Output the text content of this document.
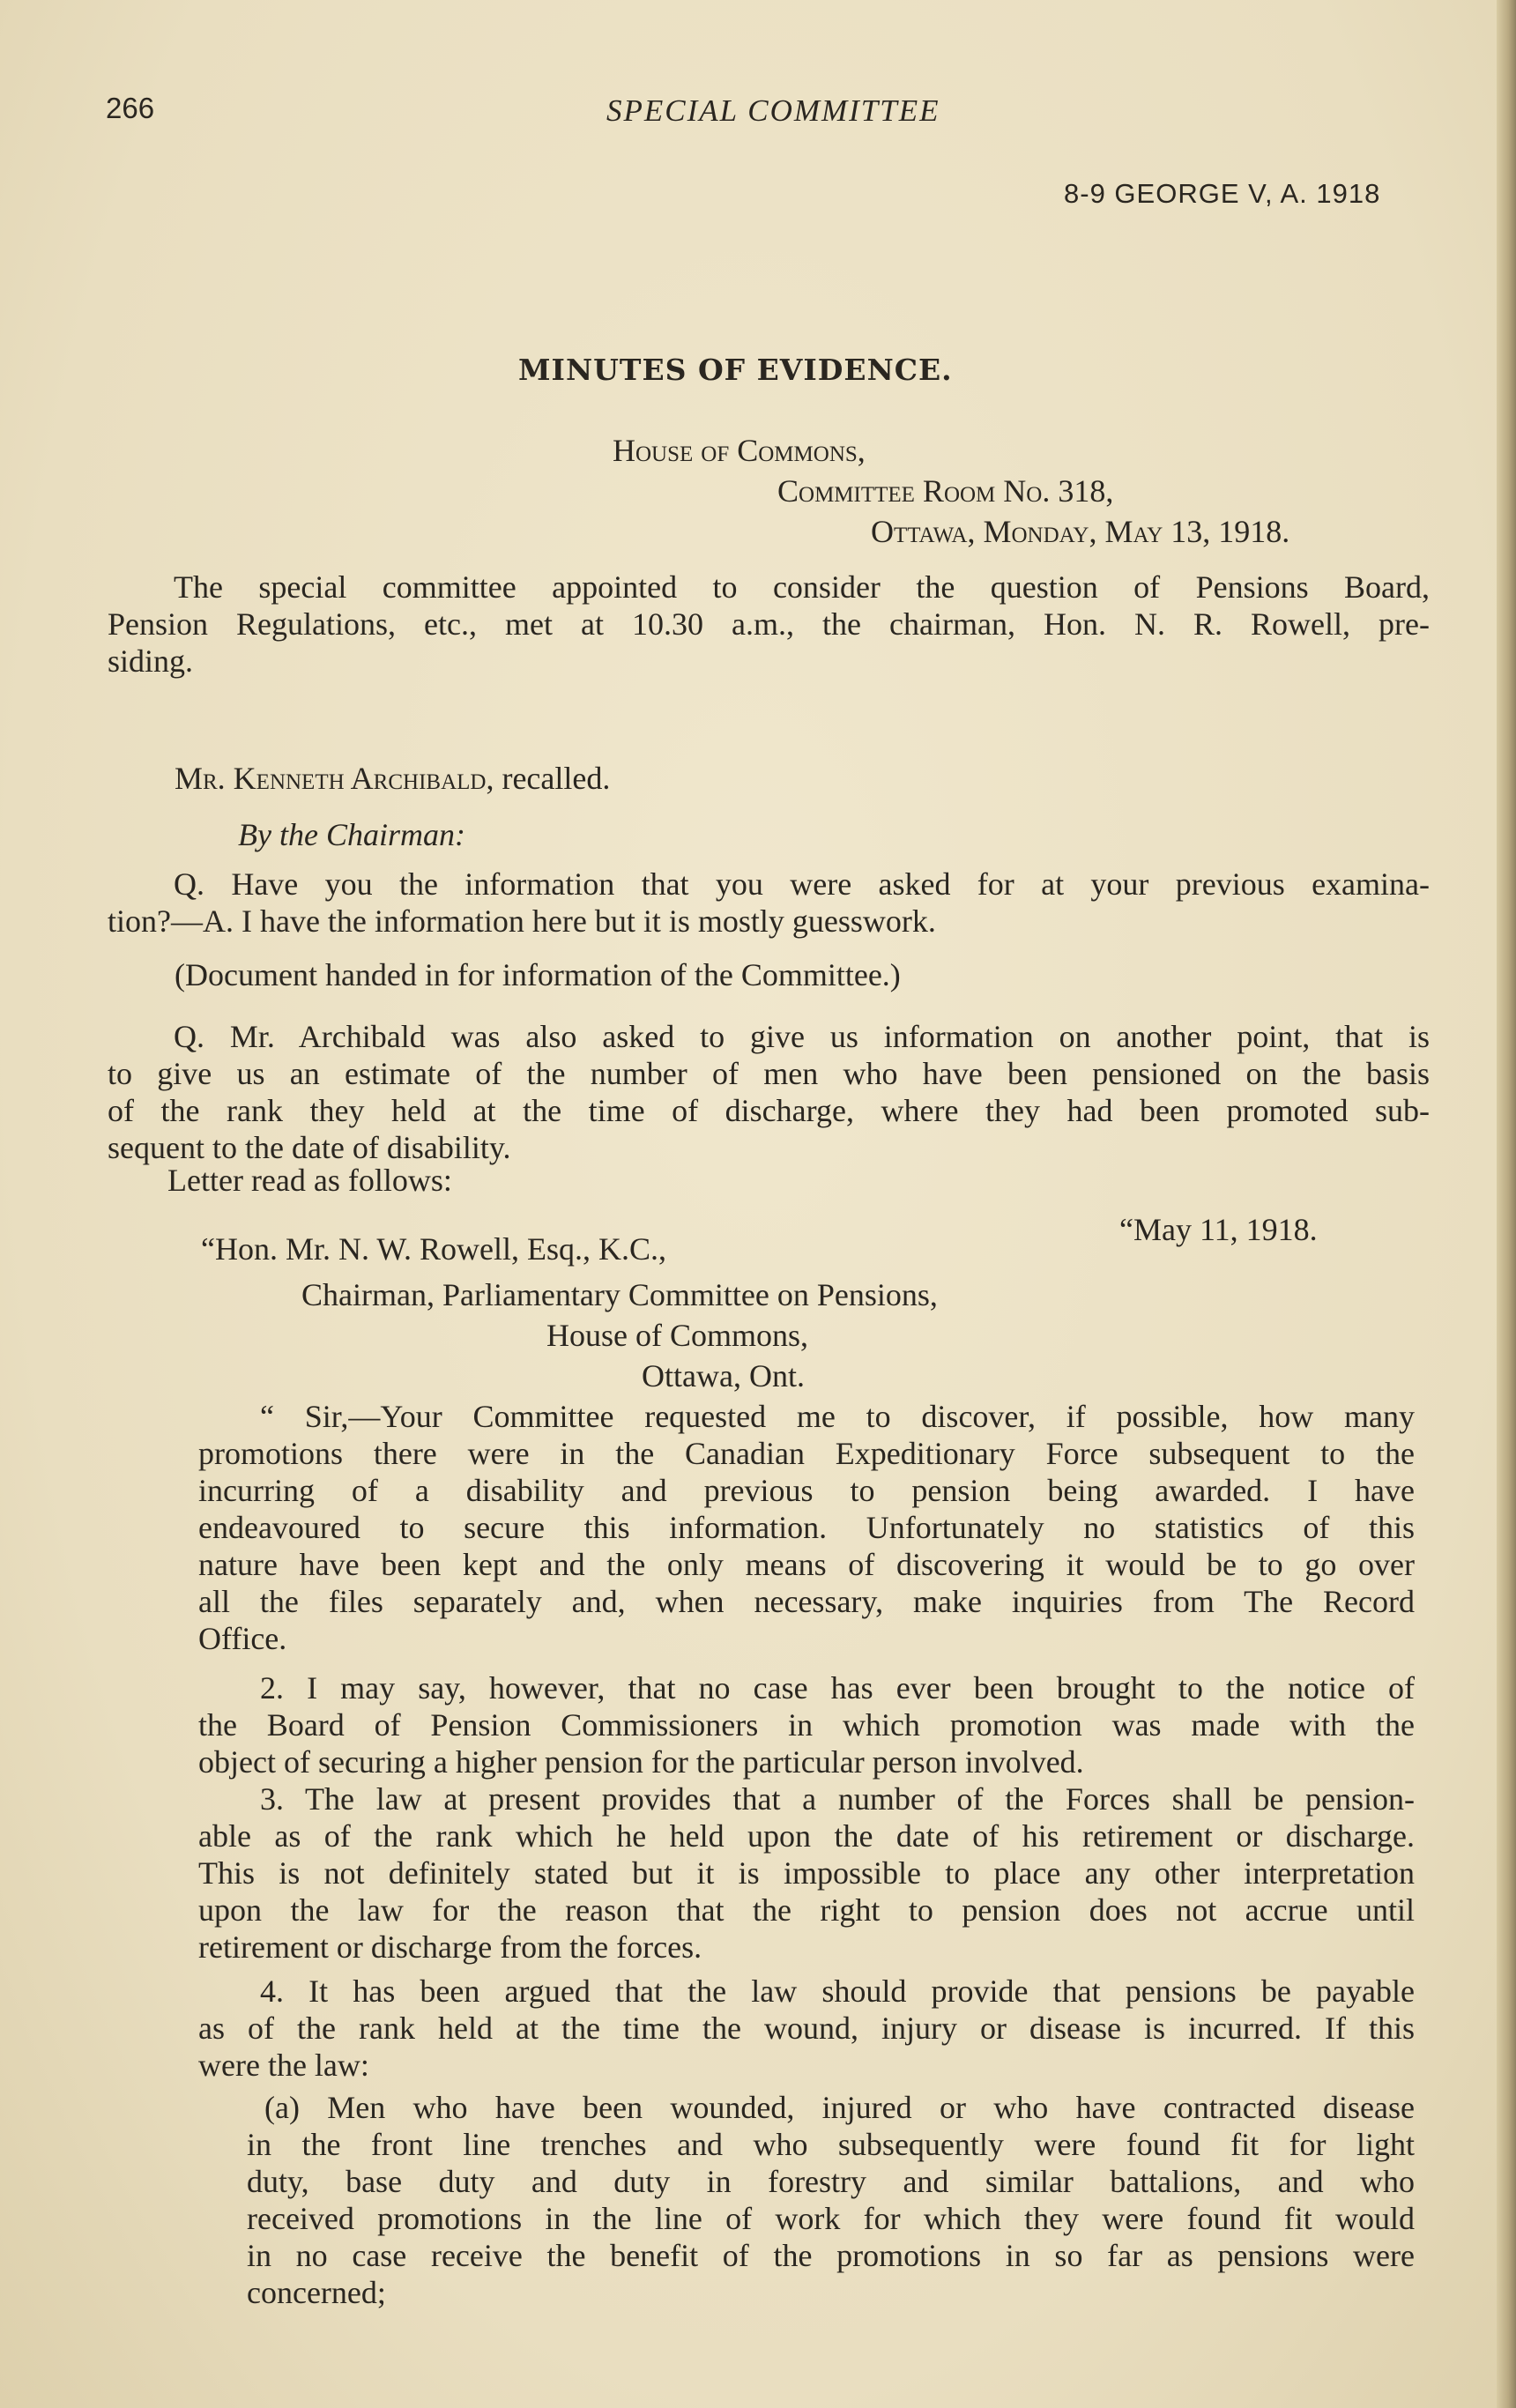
266	SPECIAL COMMITTEE
8-9 GEORGE V, A. 1918
MINUTES OF EVIDENCE.
House of Commons,
Committee Room No. 318,
Ottawa, Monday, May 13, 1918.
The special committee appointed to consider the question of Pensions Board,
Pension Regulations, etc., met at 10.30 a.m., the chairman, Hon. N. R. Rowell, pre-
siding.
Mr. Kenneth Archibald, recalled.
By the Chairman:
Q. Have you the information that you were asked for at your previous examina-
tion?—A. I have the information here but it is mostly guesswork.
(Document handed in for information of the Committee.)
Q. Mr. Archibald was also asked to give us information on another point, that is
to give us an estimate of the number of men who have been pensioned on the basis
of the rank they held at the time of discharge, where they had been promoted sub-
sequent to the date of disability.
Letter read as follows:
“May 11, 1918.
“Hon. Mr. N. W. Rowell, Esq., K.C.,
Chairman, Parliamentary Committee on Pensions,
House of Commons,
Ottawa, Ont.
“ Sir,—Your Committee requested me to discover, if possible, how many
promotions there were in the Canadian Expeditionary Force subsequent to the
incurring of a disability and previous to pension being awarded. I have
endeavoured to secure this information. Unfortunately no statistics of this
nature have been kept and the only means of discovering it would be to go over
all the files separately and, when necessary, make inquiries from The Record
Office.
2. I may say, however, that no case has ever been brought to the notice of
the Board of Pension Commissioners in which promotion was made with the
object of securing a higher pension for the particular person involved.
3. The law at present provides that a number of the Forces shall be pension-
able as of the rank which he held upon the date of his retirement or discharge.
This is not definitely stated but it is impossible to place any other interpretation
upon the law for the reason that the right to pension does not accrue until
retirement or discharge from the forces.
4. It has been argued that the law should provide that pensions be payable
as of the rank held at the time the wound, injury or disease is incurred. If this
were the law:
(a) Men who have been wounded, injured or who have contracted disease
in the front line trenches and who subsequently were found fit for light
duty, base duty and duty in forestry and similar battalions, and who
received promotions in the line of work for which they were found fit would
in no case receive the benefit of the promotions in so far as pensions were
concerned;
